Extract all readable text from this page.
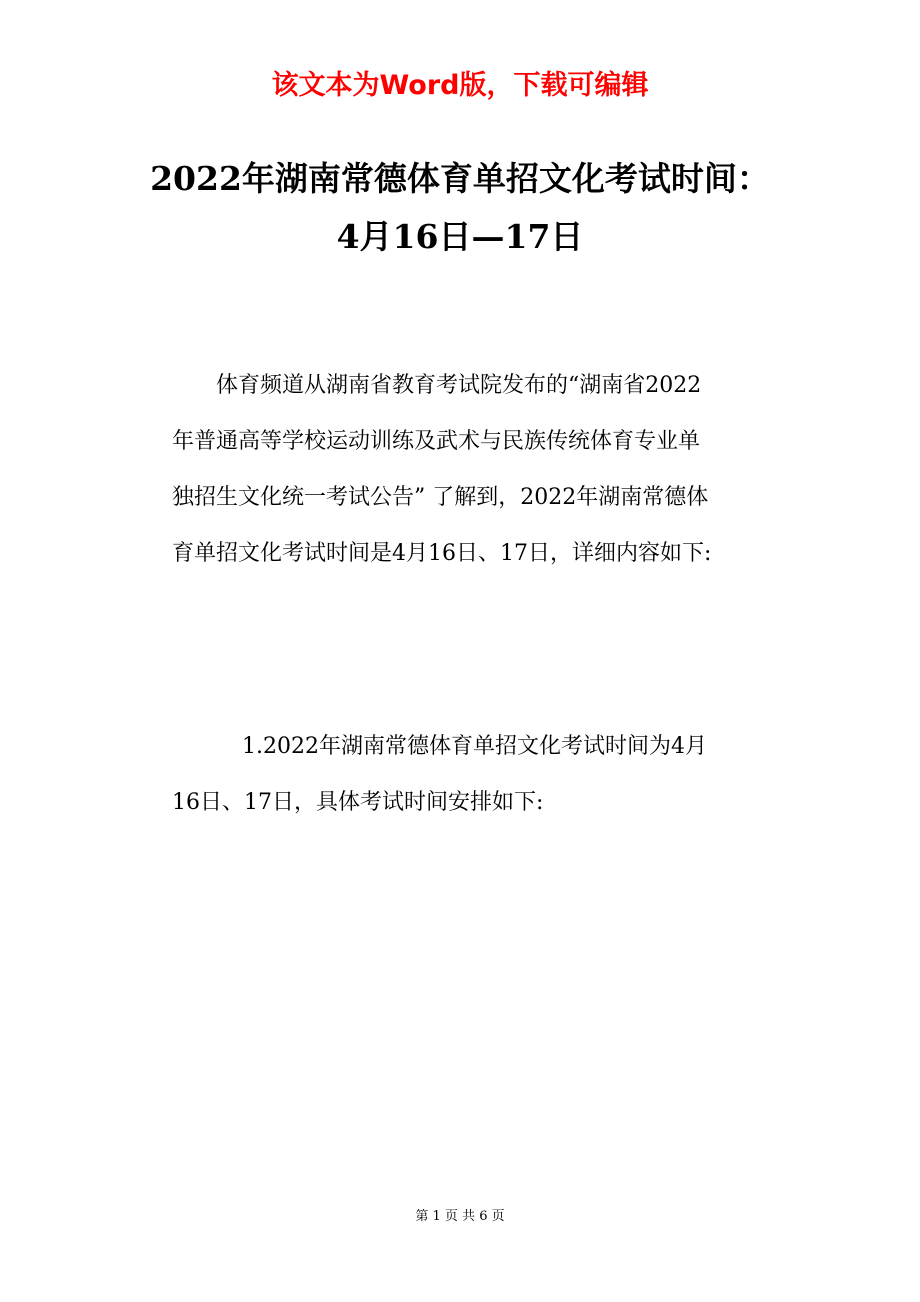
该文本为Word版，下载可编辑
2022年湖南常德体育单招文化考试时间：
4月16日—17日
体育频道从湖南省教育考试院发布的“湖南省2022
年普通高等学校运动训练及武术与民族传统体育专业单
独招生文化统一考试公告” 了解到，2022年湖南常德体
育单招文化考试时间是4月16日、17日，详细内容如下:
1.2022年湖南常德体育单招文化考试时间为4月
16日、17日，具体考试时间安排如下:
第 1 页 共 6 页
